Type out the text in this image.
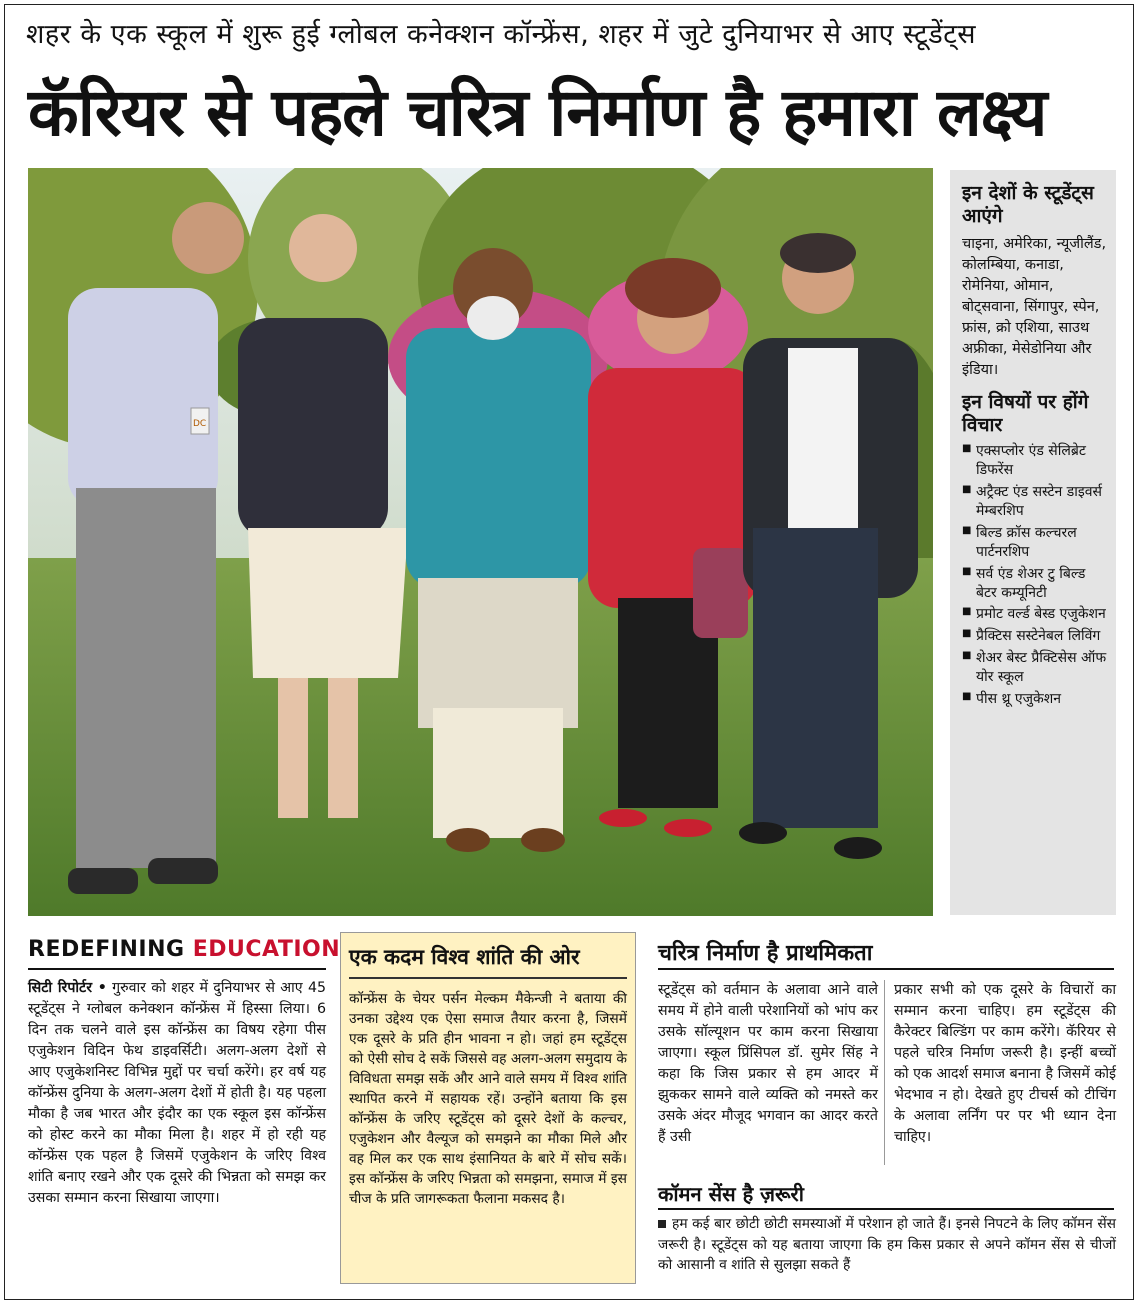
शहर के एक स्कूल में शुरू हुई ग्लोबल कनेक्शन कॉन्फ्रेंस, शहर में जुटे दुनियाभर से आए स्टूडेंट्स
कॅरियर से पहले चरित्र निर्माण है हमारा लक्ष्य
DC
इन देशों के स्टूडेंट्स आएंगे
चाइना, अमेरिका, न्यूजीलैंड, कोलम्बिया, कनाडा, रोमेनिया, ओमान, बोट्सवाना, सिंगापुर, स्पेन, फ्रांस, क्रो एशिया, साउथ अफ्रीका, मेसेडोनिया और इंडिया।
इन विषयों पर होंगे विचार
■ एक्सप्लोर एंड सेलिब्रेट डिफरेंस
■ अट्रैक्ट एंड सस्टेन डाइवर्स मेम्बरशिप
■ बिल्ड क्रॉस कल्चरल पार्टनरशिप
■ सर्व एंड शेअर टु बिल्ड बेटर कम्यूनिटी
■ प्रमोट वर्ल्ड बेस्ड एजुकेशन
■ प्रैक्टिस सस्टेनेबल लिविंग
■ शेअर बेस्ट प्रैक्टिसेस ऑफ योर स्कूल
■ पीस थ्रू एजुकेशन
REDEFINING EDUCATION
सिटी रिपोर्टर • गुरुवार को शहर में दुनियाभर से आए 45 स्टूडेंट्स ने ग्लोबल कनेक्शन कॉन्फ्रेंस में हिस्सा लिया। 6 दिन तक चलने वाले इस कॉन्फ्रेंस का विषय रहेगा पीस एजुकेशन विदिन फेथ डाइवर्सिटी। अलग-अलग देशों से आए एजुकेशनिस्ट विभिन्न मुद्दों पर चर्चा करेंगे। हर वर्ष यह कॉन्फ्रेंस दुनिया के अलग-अलग देशों में होती है। यह पहला मौका है जब भारत और इंदौर का एक स्कूल इस कॉन्फ्रेंस को होस्ट करने का मौका मिला है। शहर में हो रही यह कॉन्फ्रेंस एक पहल है जिसमें एजुकेशन के जरिए विश्व शांति बनाए रखने और एक दूसरे की भिन्नता को समझ कर उसका सम्मान करना सिखाया जाएगा।
एक कदम विश्व शांति की ओर
कॉन्फ्रेंस के चेयर पर्सन मेल्कम मैकेन्जी ने बताया की उनका उद्देश्य एक ऐसा समाज तैयार करना है, जिसमें एक दूसरे के प्रति हीन भावना न हो। जहां हम स्टूडेंट्स को ऐसी सोच दे सकें जिससे वह अलग-अलग समुदाय के विविधता समझ सकें और आने वाले समय में विश्व शांति स्थापित करने में सहायक रहें। उन्होंने बताया कि इस कॉन्फ्रेंस के जरिए स्टूडेंट्स को दूसरे देशों के कल्चर, एजुकेशन और वैल्यूज को समझने का मौका मिले और वह मिल कर एक साथ इंसानियत के बारे में सोच सकें। इस कॉन्फ्रेंस के जरिए भिन्नता को समझना, समाज में इस चीज के प्रति जागरूकता फैलाना मकसद है।
चरित्र निर्माण है प्राथमिकता
स्टूडेंट्स को वर्तमान के अलावा आने वाले समय में होने वाली परेशानियों को भांप कर उसके सॉल्यूशन पर काम करना सिखाया जाएगा। स्कूल प्रिंसिपल डॉ. सुमेर सिंह ने कहा कि जिस प्रकार से हम आदर में झुककर सामने वाले व्यक्ति को नमस्ते कर उसके अंदर मौजूद भगवान का आदर करते हैं उसी
प्रकार सभी को एक दूसरे के विचारों का सम्मान करना चाहिए। हम स्टूडेंट्स की कैरेक्टर बिल्डिंग पर काम करेंगे। कॅरियर से पहले चरित्र निर्माण जरूरी है। इन्हीं बच्चों को एक आदर्श समाज बनाना है जिसमें कोई भेदभाव न हो। देखते हुए टीचर्स को टीचिंग के अलावा लर्निंग पर पर भी ध्यान देना चाहिए।
कॉमन सेंस है ज़रूरी
हम कई बार छोटी छोटी समस्याओं में परेशान हो जाते हैं। इनसे निपटने के लिए कॉमन सेंस जरूरी है। स्टूडेंट्स को यह बताया जाएगा कि हम किस प्रकार से अपने कॉमन सेंस से चीजों को आसानी व शांति से सुलझा सकते हैं
